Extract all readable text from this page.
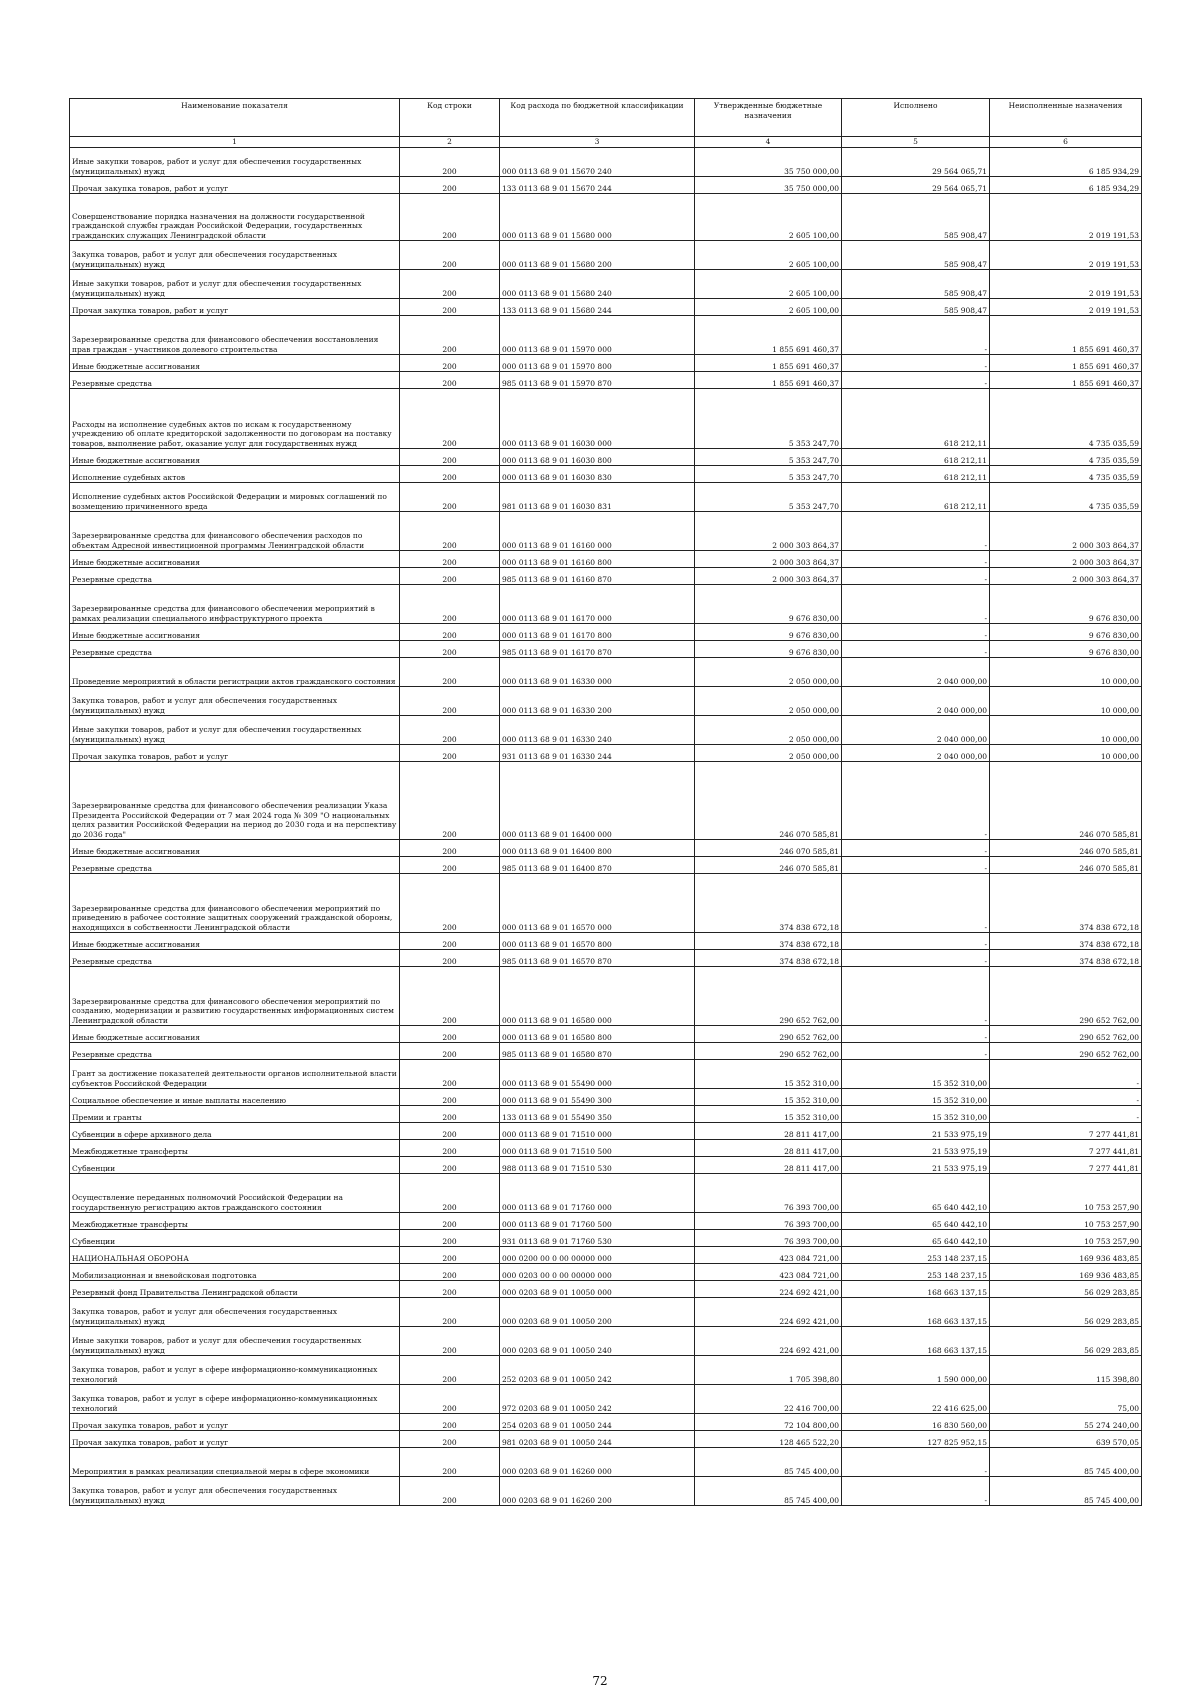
Наименование показателя	Код строки	Код расхода по бюджетной классификации	Утвержденные бюджетные назначения	Исполнено	Неисполненные назначения
1	2	3	4	5	6
Иные закупки товаров, работ и услуг для обеспечения государственных (муниципальных) нужд	200	000 0113 68 9 01 15670 240	35 750 000,00	29 564 065,71	6 185 934,29
Прочая закупка товаров, работ и услуг	200	133 0113 68 9 01 15670 244	35 750 000,00	29 564 065,71	6 185 934,29
Совершенствование порядка назначения на должности государственной гражданской службы граждан Российской Федерации, государственных гражданских служащих Ленинградской области	200	000 0113 68 9 01 15680 000	2 605 100,00	585 908,47	2 019 191,53
Закупка товаров, работ и услуг для обеспечения государственных (муниципальных) нужд	200	000 0113 68 9 01 15680 200	2 605 100,00	585 908,47	2 019 191,53
Иные закупки товаров, работ и услуг для обеспечения государственных (муниципальных) нужд	200	000 0113 68 9 01 15680 240	2 605 100,00	585 908,47	2 019 191,53
Прочая закупка товаров, работ и услуг	200	133 0113 68 9 01 15680 244	2 605 100,00	585 908,47	2 019 191,53
Зарезервированные средства для финансового обеспечения восстановления прав граждан - участников долевого строительства	200	000 0113 68 9 01 15970 000	1 855 691 460,37	-	1 855 691 460,37
Иные бюджетные ассигнования	200	000 0113 68 9 01 15970 800	1 855 691 460,37	-	1 855 691 460,37
Резервные средства	200	985 0113 68 9 01 15970 870	1 855 691 460,37	-	1 855 691 460,37
Расходы на исполнение судебных актов по искам к государственному учреждению об оплате кредиторской задолженности по договорам на поставку товаров, выполнение работ, оказание услуг для государственных нужд	200	000 0113 68 9 01 16030 000	5 353 247,70	618 212,11	4 735 035,59
Иные бюджетные ассигнования	200	000 0113 68 9 01 16030 800	5 353 247,70	618 212,11	4 735 035,59
Исполнение судебных актов	200	000 0113 68 9 01 16030 830	5 353 247,70	618 212,11	4 735 035,59
Исполнение судебных актов Российской Федерации и мировых соглашений по возмещению причиненного вреда	200	981 0113 68 9 01 16030 831	5 353 247,70	618 212,11	4 735 035,59
Зарезервированные средства для финансового обеспечения расходов по объектам Адресной инвестиционной программы Ленинградской области	200	000 0113 68 9 01 16160 000	2 000 303 864,37	-	2 000 303 864,37
Иные бюджетные ассигнования	200	000 0113 68 9 01 16160 800	2 000 303 864,37	-	2 000 303 864,37
Резервные средства	200	985 0113 68 9 01 16160 870	2 000 303 864,37	-	2 000 303 864,37
Зарезервированные средства для финансового обеспечения мероприятий в рамках реализации специального инфраструктурного проекта	200	000 0113 68 9 01 16170 000	9 676 830,00	-	9 676 830,00
Иные бюджетные ассигнования	200	000 0113 68 9 01 16170 800	9 676 830,00	-	9 676 830,00
Резервные средства	200	985 0113 68 9 01 16170 870	9 676 830,00	-	9 676 830,00
Проведение мероприятий в области регистрации актов гражданского состояния	200	000 0113 68 9 01 16330 000	2 050 000,00	2 040 000,00	10 000,00
Закупка товаров, работ и услуг для обеспечения государственных (муниципальных) нужд	200	000 0113 68 9 01 16330 200	2 050 000,00	2 040 000,00	10 000,00
Иные закупки товаров, работ и услуг для обеспечения государственных (муниципальных) нужд	200	000 0113 68 9 01 16330 240	2 050 000,00	2 040 000,00	10 000,00
Прочая закупка товаров, работ и услуг	200	931 0113 68 9 01 16330 244	2 050 000,00	2 040 000,00	10 000,00
Зарезервированные средства для финансового обеспечения реализации Указа Президента Российской Федерации от 7 мая 2024 года № 309 "О национальных целях развития Российской Федерации на период до 2030 года и на перспективу до 2036 года"	200	000 0113 68 9 01 16400 000	246 070 585,81	-	246 070 585,81
Иные бюджетные ассигнования	200	000 0113 68 9 01 16400 800	246 070 585,81	-	246 070 585,81
Резервные средства	200	985 0113 68 9 01 16400 870	246 070 585,81	-	246 070 585,81
Зарезервированные средства для финансового обеспечения мероприятий по приведению в рабочее состояние защитных сооружений гражданской обороны, находящихся в собственности Ленинградской области	200	000 0113 68 9 01 16570 000	374 838 672,18	-	374 838 672,18
Иные бюджетные ассигнования	200	000 0113 68 9 01 16570 800	374 838 672,18	-	374 838 672,18
Резервные средства	200	985 0113 68 9 01 16570 870	374 838 672,18	-	374 838 672,18
Зарезервированные средства для финансового обеспечения мероприятий по созданию, модернизации и развитию государственных информационных систем Ленинградской области	200	000 0113 68 9 01 16580 000	290 652 762,00	-	290 652 762,00
Иные бюджетные ассигнования	200	000 0113 68 9 01 16580 800	290 652 762,00	-	290 652 762,00
Резервные средства	200	985 0113 68 9 01 16580 870	290 652 762,00	-	290 652 762,00
Грант за достижение показателей деятельности органов исполнительной власти субъектов Российской Федерации	200	000 0113 68 9 01 55490 000	15 352 310,00	15 352 310,00	-
Социальное обеспечение и иные выплаты населению	200	000 0113 68 9 01 55490 300	15 352 310,00	15 352 310,00	-
Премии и гранты	200	133 0113 68 9 01 55490 350	15 352 310,00	15 352 310,00	-
Субвенции в сфере архивного дела	200	000 0113 68 9 01 71510 000	28 811 417,00	21 533 975,19	7 277 441,81
Межбюджетные трансферты	200	000 0113 68 9 01 71510 500	28 811 417,00	21 533 975,19	7 277 441,81
Субвенции	200	988 0113 68 9 01 71510 530	28 811 417,00	21 533 975,19	7 277 441,81
Осуществление переданных полномочий Российской Федерации на государственную регистрацию актов гражданского состояния	200	000 0113 68 9 01 71760 000	76 393 700,00	65 640 442,10	10 753 257,90
Межбюджетные трансферты	200	000 0113 68 9 01 71760 500	76 393 700,00	65 640 442,10	10 753 257,90
Субвенции	200	931 0113 68 9 01 71760 530	76 393 700,00	65 640 442,10	10 753 257,90
НАЦИОНАЛЬНАЯ ОБОРОНА	200	000 0200 00 0 00 00000 000	423 084 721,00	253 148 237,15	169 936 483,85
Мобилизационная и вневойсковая подготовка	200	000 0203 00 0 00 00000 000	423 084 721,00	253 148 237,15	169 936 483,85
Резервный фонд Правительства Ленинградской области	200	000 0203 68 9 01 10050 000	224 692 421,00	168 663 137,15	56 029 283,85
Закупка товаров, работ и услуг для обеспечения государственных (муниципальных) нужд	200	000 0203 68 9 01 10050 200	224 692 421,00	168 663 137,15	56 029 283,85
Иные закупки товаров, работ и услуг для обеспечения государственных (муниципальных) нужд	200	000 0203 68 9 01 10050 240	224 692 421,00	168 663 137,15	56 029 283,85
Закупка товаров, работ и услуг в сфере информационно-коммуникационных технологий	200	252 0203 68 9 01 10050 242	1 705 398,80	1 590 000,00	115 398,80
Закупка товаров, работ и услуг в сфере информационно-коммуникационных технологий	200	972 0203 68 9 01 10050 242	22 416 700,00	22 416 625,00	75,00
Прочая закупка товаров, работ и услуг	200	254 0203 68 9 01 10050 244	72 104 800,00	16 830 560,00	55 274 240,00
Прочая закупка товаров, работ и услуг	200	981 0203 68 9 01 10050 244	128 465 522,20	127 825 952,15	639 570,05
Мероприятия в рамках реализации специальной меры в сфере экономики	200	000 0203 68 9 01 16260 000	85 745 400,00	-	85 745 400,00
Закупка товаров, работ и услуг для обеспечения государственных (муниципальных) нужд	200	000 0203 68 9 01 16260 200	85 745 400,00	-	85 745 400,00
72
